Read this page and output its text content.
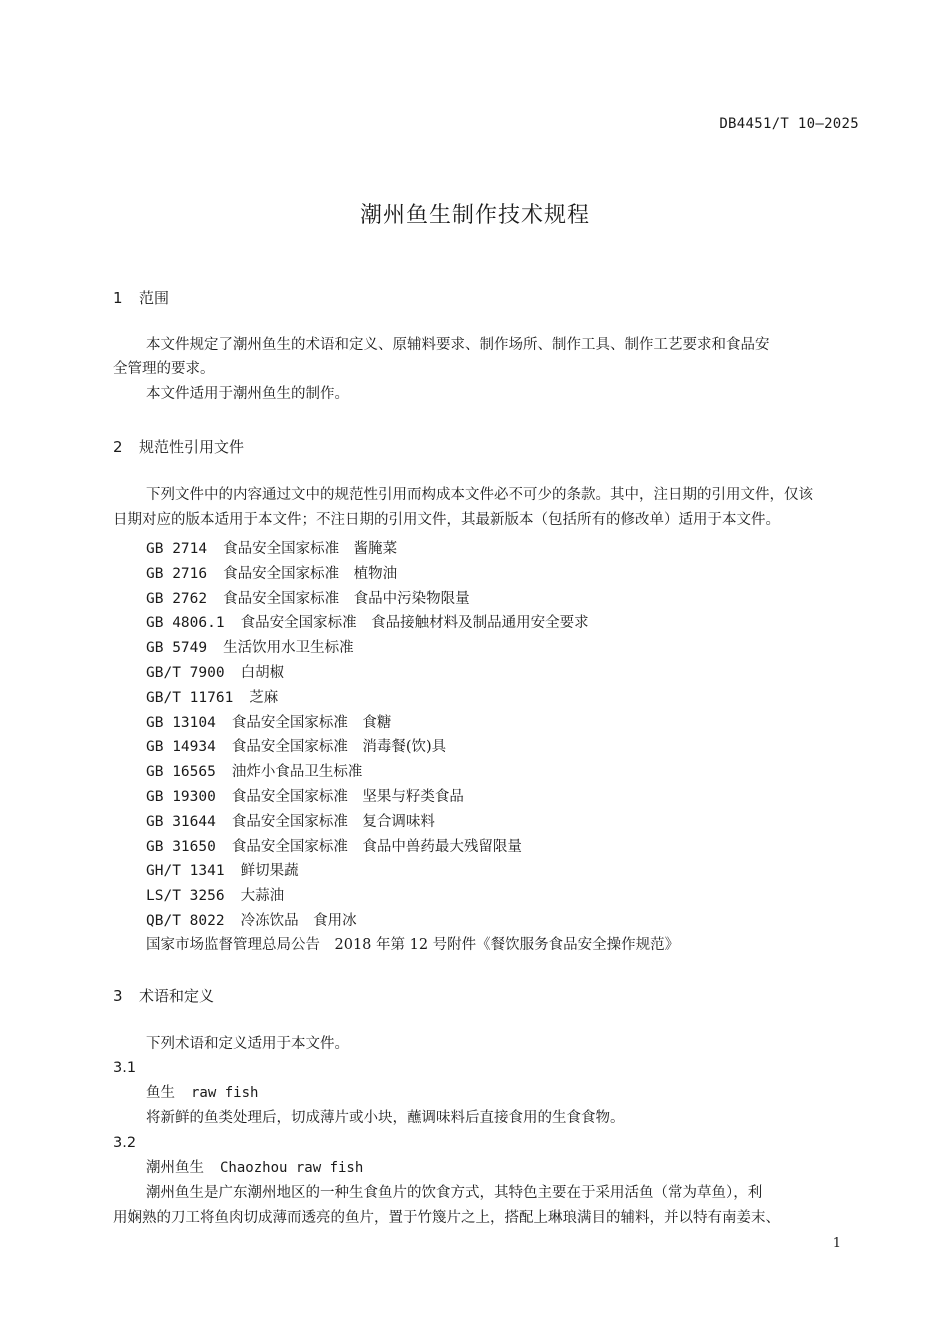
DB4451/T 10—2025
潮州鱼生制作技术规程
1 范围
本文件规定了潮州鱼生的术语和定义、原辅料要求、制作场所、制作工具、制作工艺要求和食品安
全管理的要求。
本文件适用于潮州鱼生的制作。
2 规范性引用文件
下列文件中的内容通过文中的规范性引用而构成本文件必不可少的条款。其中，注日期的引用文件，仅该
日期对应的版本适用于本文件；不注日期的引用文件，其最新版本（包括所有的修改单）适用于本文件。
GB 2714 食品安全国家标准　酱腌菜
GB 2716 食品安全国家标准　植物油
GB 2762 食品安全国家标准　食品中污染物限量
GB 4806.1 食品安全国家标准　食品接触材料及制品通用安全要求
GB 5749 生活饮用水卫生标准
GB/T 7900 白胡椒
GB/T 11761 芝麻
GB 13104 食品安全国家标准　食糖
GB 14934 食品安全国家标准　消毒餐(饮)具
GB 16565 油炸小食品卫生标准
GB 19300 食品安全国家标准　坚果与籽类食品
GB 31644 食品安全国家标准　复合调味料
GB 31650 食品安全国家标准　食品中兽药最大残留限量
GH/T 1341 鲜切果蔬
LS/T 3256 大蒜油
QB/T 8022 冷冻饮品　食用冰
国家市场监督管理总局公告　2018 年第 12 号附件《餐饮服务食品安全操作规范》
3 术语和定义
下列术语和定义适用于本文件。
3.1
鱼生 raw fish
将新鲜的鱼类处理后，切成薄片或小块，蘸调味料后直接食用的生食食物。
3.2
潮州鱼生 Chaozhou raw fish
潮州鱼生是广东潮州地区的一种生食鱼片的饮食方式，其特色主要在于采用活鱼（常为草鱼），利
用娴熟的刀工将鱼肉切成薄而透亮的鱼片，置于竹篾片之上，搭配上琳琅满目的辅料，并以特有南姜末、
1
